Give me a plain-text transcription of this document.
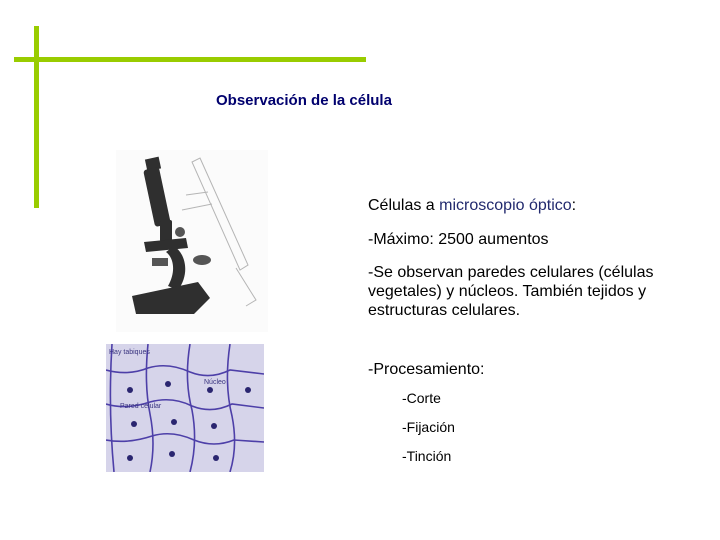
Observación de la célula
Hay tabiques
Núcleo
Pared celular

Células a microscopio óptico:

-Máximo: 2500 aumentos

-Se observan paredes celulares (células vegetales) y núcleos. También tejidos y estructuras celulares.

-Procesamiento:

-Corte
-Fijación
-Tinción
